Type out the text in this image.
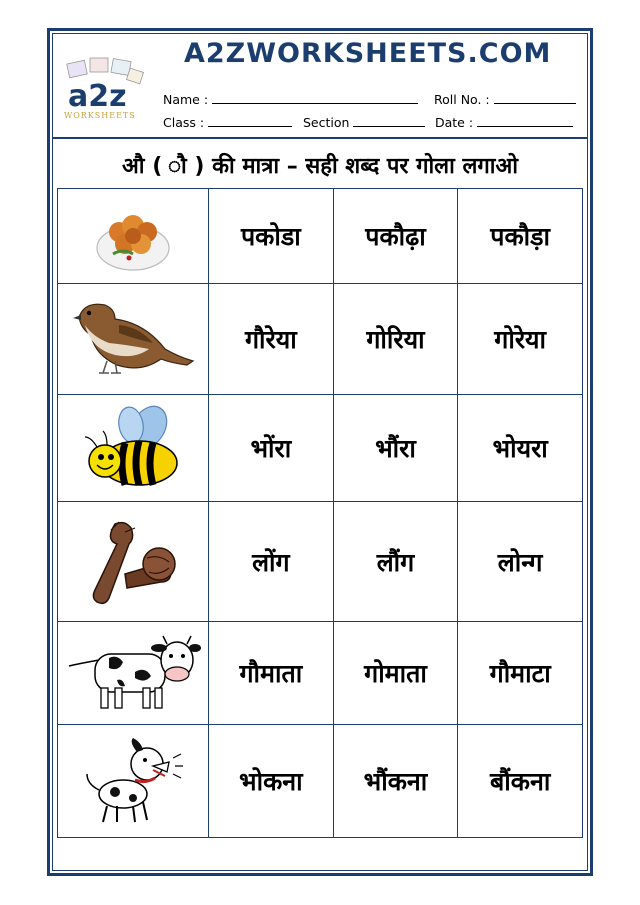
A2ZWORKSHEETS.COM
a2z
WORKSHEETS
Name :	Roll No. :
Class :	Section	Date :
औ ( ौ ) की मात्रा – सही शब्द पर गोला लगाओ
	पकोडा	पकौढ़ा	पकौड़ा

	गौरेया	गोरिया	गोरेया

	भोंरा	भौंरा	भोयरा

	लोंग	लौंग	लोन्ग

	गौमाता	गोमाता	गौमाटा

	भोकना	भौंकना	बौंकना
